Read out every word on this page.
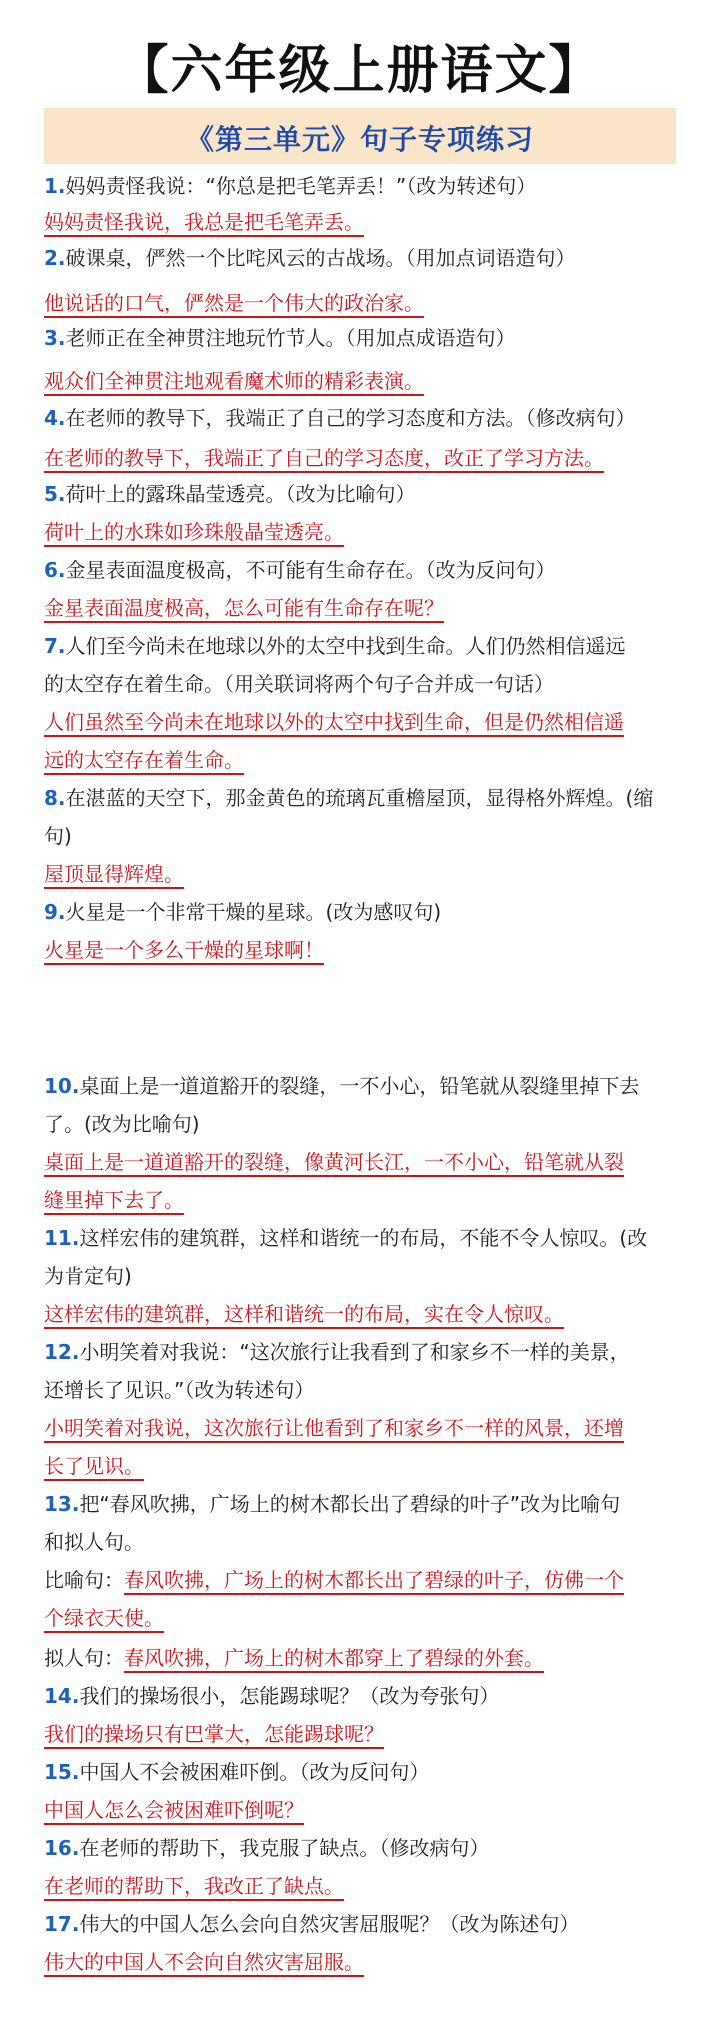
【六年级上册语文】
《第三单元》句子专项练习
1.妈妈责怪我说：“你总是把毛笔弄丢！”（改为转述句）
妈妈责怪我说，我总是把毛笔弄丢。
2.破课桌，俨然一个比咤风云的古战场。（用加点词语造句）
他说话的口气，俨然是一个伟大的政治家。
3.老师正在全神贯注地玩竹节人。（用加点成语造句）
观众们全神贯注地观看魔术师的精彩表演。
4.在老师的教导下，我端正了自己的学习态度和方法。（修改病句）
在老师的教导下，我端正了自己的学习态度，改正了学习方法。
5.荷叶上的露珠晶莹透亮。（改为比喻句）
荷叶上的水珠如珍珠般晶莹透亮。
6.金星表面温度极高，不可能有生命存在。（改为反问句）
金星表面温度极高，怎么可能有生命存在呢？
7.人们至今尚未在地球以外的太空中找到生命。人们仍然相信遥远
的太空存在着生命。（用关联词将两个句子合并成一句话）
人们虽然至今尚未在地球以外的太空中找到生命，但是仍然相信遥
远的太空存在着生命。
8.在湛蓝的天空下，那金黄色的琉璃瓦重檐屋顶，显得格外辉煌。(缩
句)
屋顶显得辉煌。
9.火星是一个非常干燥的星球。(改为感叹句)
火星是一个多么干燥的星球啊！
10.桌面上是一道道豁开的裂缝，一不小心，铅笔就从裂缝里掉下去
了。(改为比喻句)
桌面上是一道道豁开的裂缝，像黄河长江，一不小心，铅笔就从裂
缝里掉下去了。
11.这样宏伟的建筑群，这样和谐统一的布局，不能不令人惊叹。(改
为肯定句)
这样宏伟的建筑群，这样和谐统一的布局，实在令人惊叹。
12.小明笑着对我说：“这次旅行让我看到了和家乡不一样的美景，
还增长了见识。”（改为转述句）
小明笑着对我说，这次旅行让他看到了和家乡不一样的风景，还增
长了见识。
13.把“春风吹拂，广场上的树木都长出了碧绿的叶子”改为比喻句
和拟人句。
比喻句：春风吹拂，广场上的树木都长出了碧绿的叶子，仿佛一个
个绿衣天使。
拟人句：春风吹拂，广场上的树木都穿上了碧绿的外套。
14.我们的操场很小，怎能踢球呢？（改为夸张句）
我们的操场只有巴掌大，怎能踢球呢？
15.中国人不会被困难吓倒。（改为反问句）
中国人怎么会被困难吓倒呢？
16.在老师的帮助下，我克服了缺点。（修改病句）
在老师的帮助下，我改正了缺点。
17.伟大的中国人怎么会向自然灾害屈服呢？（改为陈述句）
伟大的中国人不会向自然灾害屈服。
